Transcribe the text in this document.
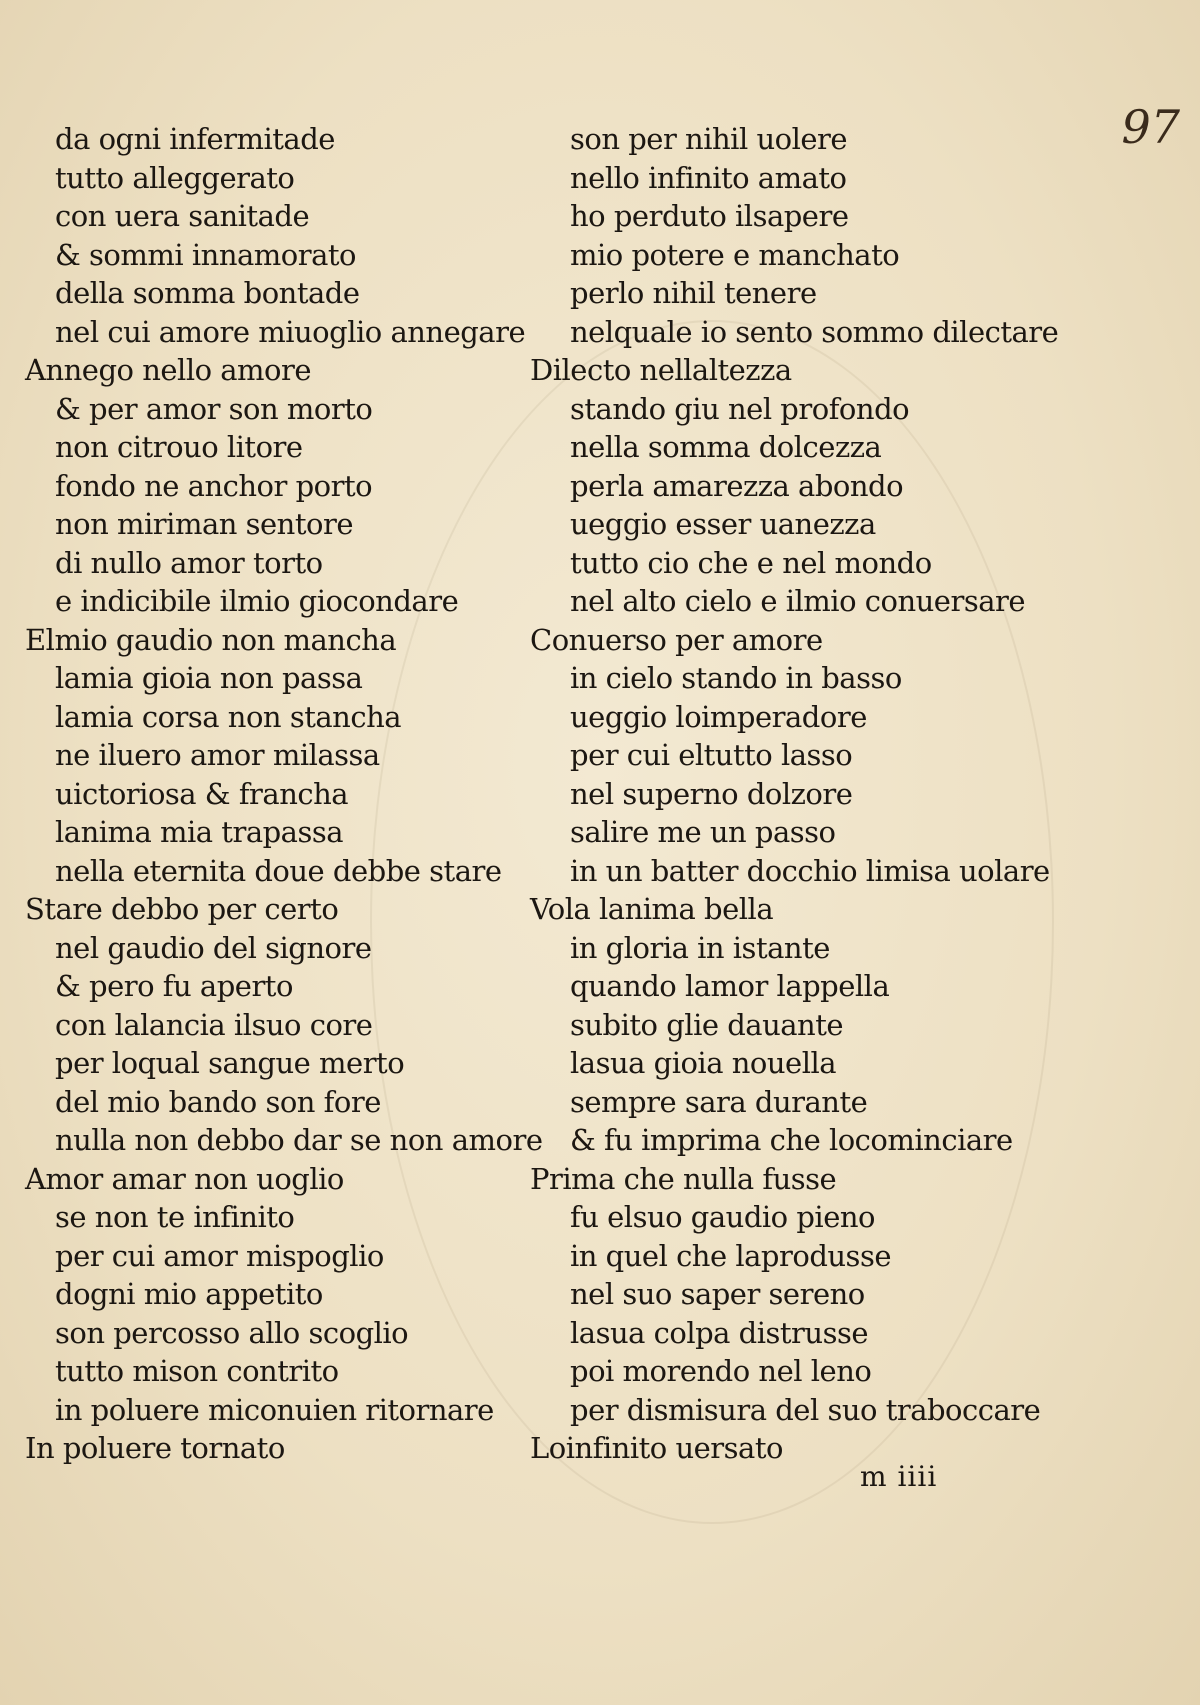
97
da ogni infermitade
tutto alleggerato
con uera sanitade
& sommi innamorato
della somma bontade
nel cui amore miuoglio annegare
Annego nello amore
& per amor son morto
non citrouo litore
fondo ne anchor porto
non miriman sentore
di nullo amor torto
e indicibile ilmio giocondare
Elmio gaudio non mancha
lamia gioia non passa
lamia corsa non stancha
ne iluero amor milassa
uictoriosa & francha
lanima mia trapassa
nella eternita doue debbe stare
Stare debbo per certo
nel gaudio del signore
& pero fu aperto
con lalancia ilsuo core
per loqual sangue merto
del mio bando son fore
nulla non debbo dar se non amore
Amor amar non uoglio
se non te infinito
per cui amor mispoglio
dogni mio appetito
son percosso allo scoglio
tutto mison contrito
in poluere miconuien ritornare
In poluere tornato
son per nihil uolere
nello infinito amato
ho perduto ilsapere
mio potere e manchato
perlo nihil tenere
nelquale io sento sommo dilectare
Dilecto nellaltezza
stando giu nel profondo
nella somma dolcezza
perla amarezza abondo
ueggio esser uanezza
tutto cio che e nel mondo
nel alto cielo e ilmio conuersare
Conuerso per amore
in cielo stando in basso
ueggio loimperadore
per cui eltutto lasso
nel superno dolzore
salire me un passo
in un batter docchio limisa uolare
Vola lanima bella
in gloria in istante
quando lamor lappella
subito glie dauante
lasua gioia nouella
sempre sara durante
& fu imprima che locominciare
Prima che nulla fusse
fu elsuo gaudio pieno
in quel che laprodusse
nel suo saper sereno
lasua colpa distrusse
poi morendo nel leno
per dismisura del suo traboccare
Loinfinito uersato
m iiii
